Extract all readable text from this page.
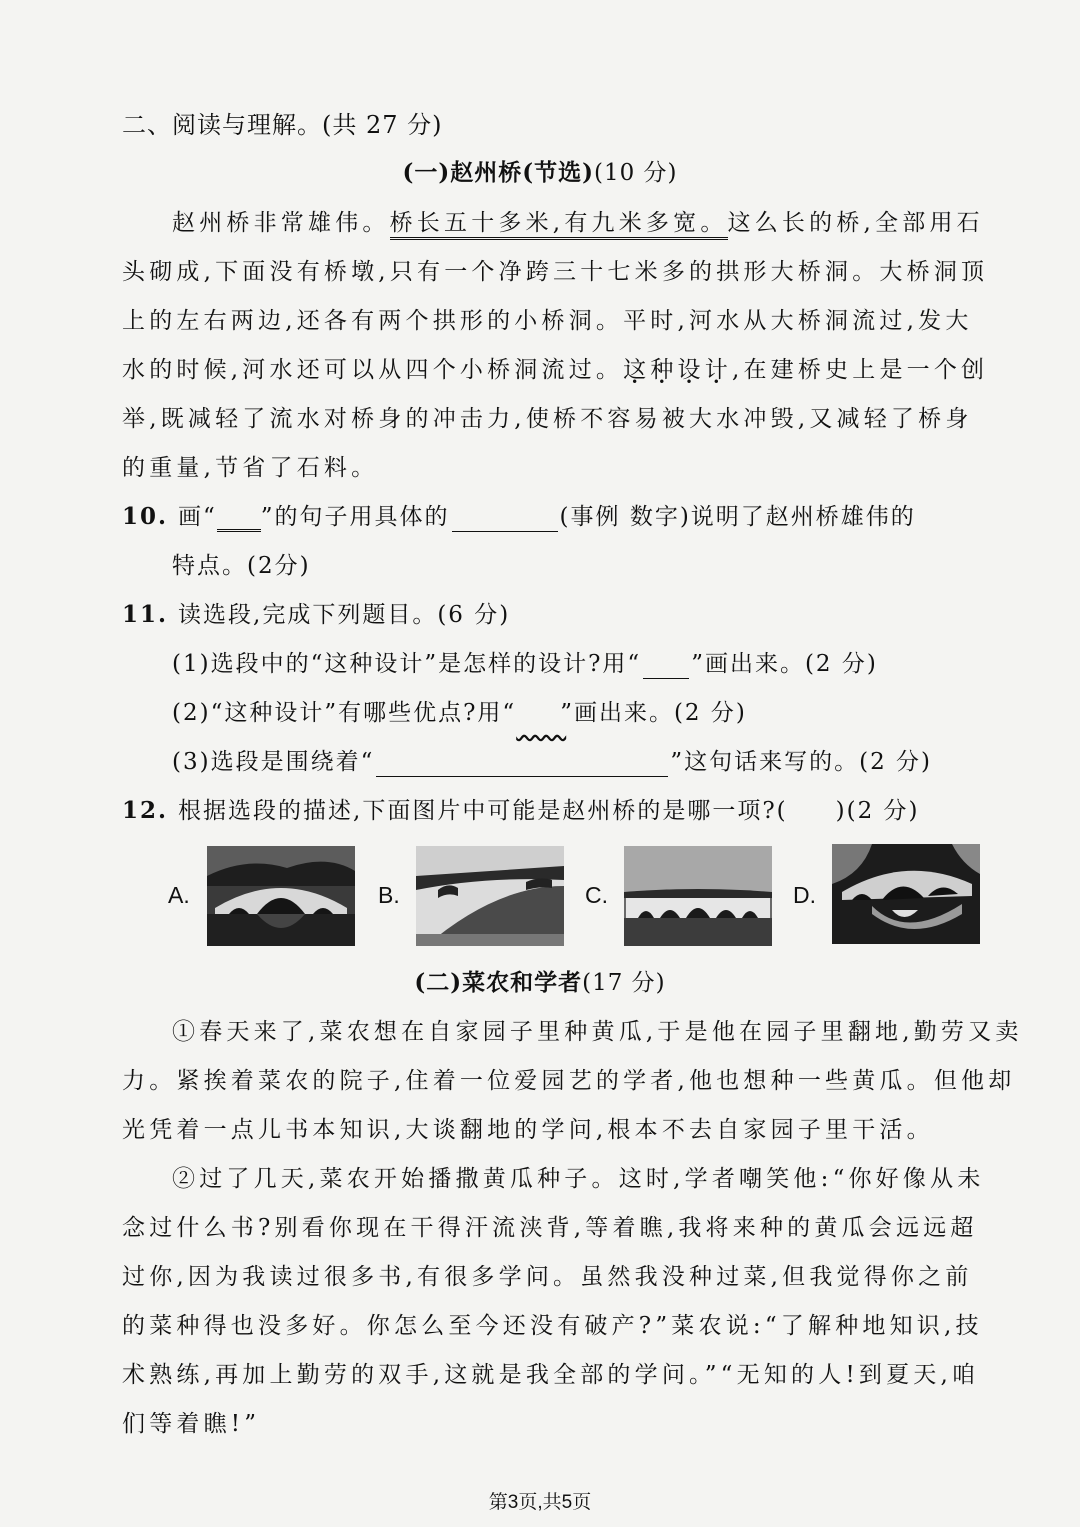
二、阅读与理解。(共 27 分)
(一)赵州桥(节选)(10 分)
赵州桥非常雄伟。桥长五十多米,有九米多宽。这么长的桥,全部用石
头砌成,下面没有桥墩,只有一个净跨三十七米多的拱形大桥洞。大桥洞顶
上的左右两边,还各有两个拱形的小桥洞。平时,河水从大桥洞流过,发大
水的时候,河水还可以从四个小桥洞流过。这种设计,在建桥史上是一个创
举,既减轻了流水对桥身的冲击力,使桥不容易被大水冲毁,又减轻了桥身
的重量,节省了石料。
10. 画“ ”的句子用具体的	(事例 数字)说明了赵州桥雄伟的
特点。(2分)
11. 读选段,完成下列题目。(6 分)
(1)选段中的“这种设计”是怎样的设计?用“ ”画出来。(2 分)
(2)“这种设计”有哪些优点?用“   ”画出来。(2 分)
(3)选段是围绕着“	”这句话来写的。(2 分)
12. 根据选段的描述,下面图片中可能是赵州桥的是哪一项?( )(2 分)
A.	B.	C.	D.
(二)菜农和学者(17 分)
①春天来了,菜农想在自家园子里种黄瓜,于是他在园子里翻地,勤劳又卖
力。紧挨着菜农的院子,住着一位爱园艺的学者,他也想种一些黄瓜。但他却
光凭着一点儿书本知识,大谈翻地的学问,根本不去自家园子里干活。
②过了几天,菜农开始播撒黄瓜种子。这时,学者嘲笑他:“你好像从未
念过什么书?别看你现在干得汗流浃背,等着瞧,我将来种的黄瓜会远远超
过你,因为我读过很多书,有很多学问。虽然我没种过菜,但我觉得你之前
的菜种得也没多好。你怎么至今还没有破产?”菜农说:“了解种地知识,技
术熟练,再加上勤劳的双手,这就是我全部的学问。”“无知的人!到夏天,咱
们等着瞧!”
第3页,共5页
